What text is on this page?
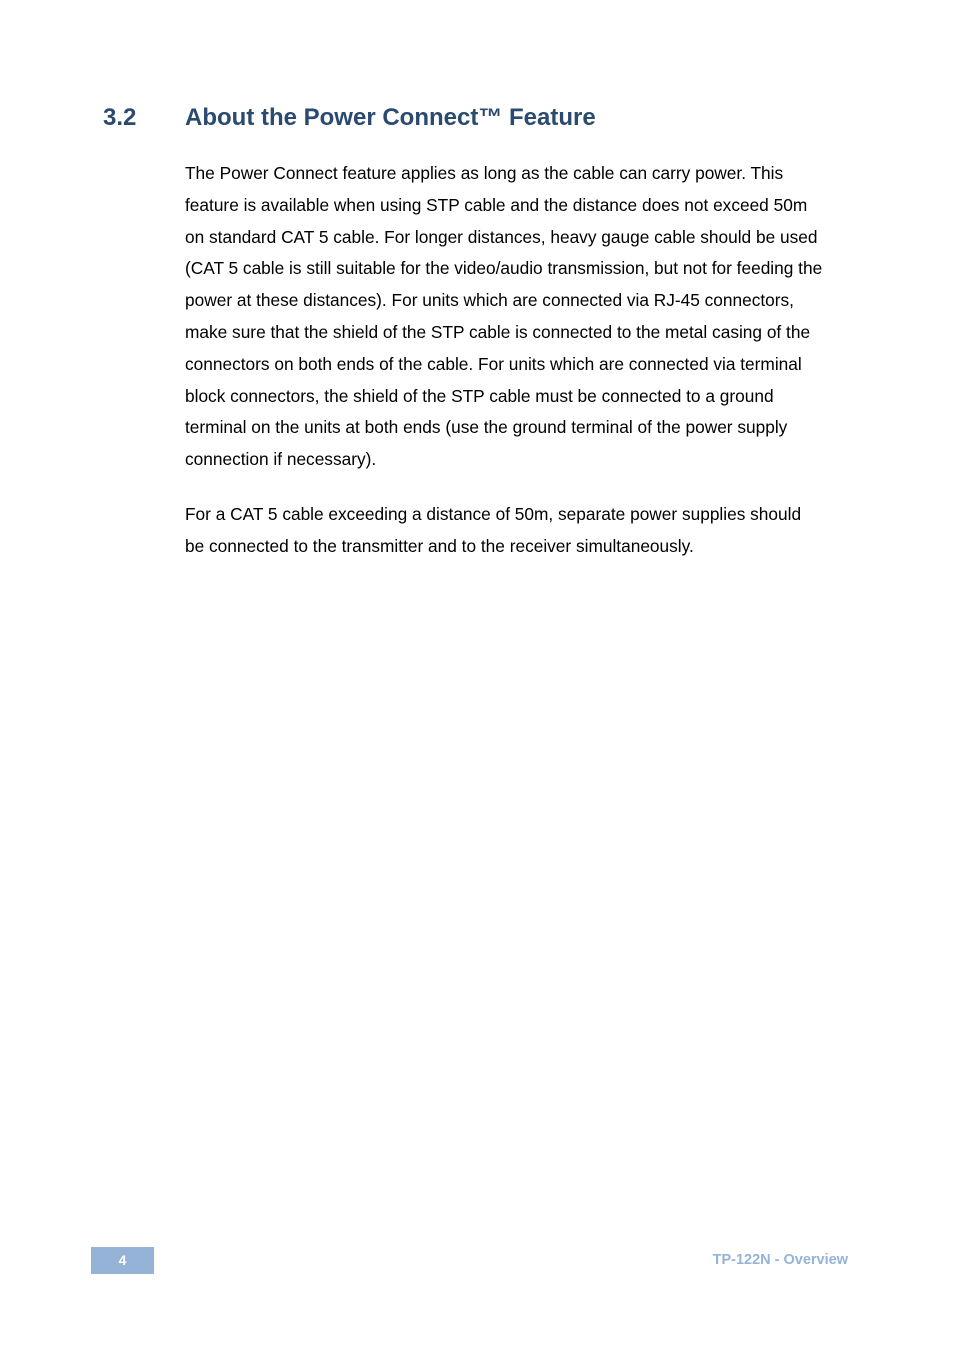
3.2 About the Power Connect™ Feature

The Power Connect feature applies as long as the cable can carry power. This
feature is available when using STP cable and the distance does not exceed 50m
on standard CAT 5 cable. For longer distances, heavy gauge cable should be used
(CAT 5 cable is still suitable for the video/audio transmission, but not for feeding the
power at these distances). For units which are connected via RJ-45 connectors,
make sure that the shield of the STP cable is connected to the metal casing of the
connectors on both ends of the cable. For units which are connected via terminal
block connectors, the shield of the STP cable must be connected to a ground
terminal on the units at both ends (use the ground terminal of the power supply
connection if necessary).

For a CAT 5 cable exceeding a distance of 50m, separate power supplies should
be connected to the transmitter and to the receiver simultaneously.

4	TP-122N - Overview
